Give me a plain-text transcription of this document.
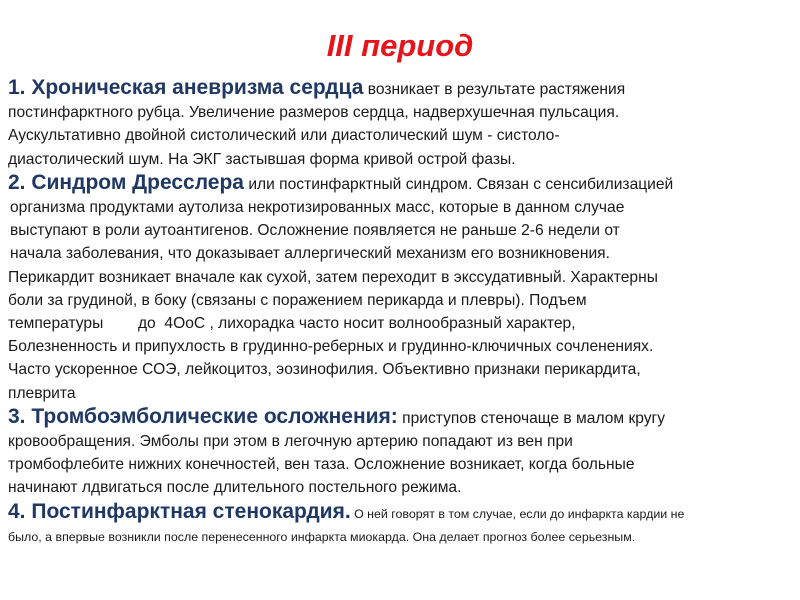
III период
1. Хроническая аневризма сердца возникает в результате растяжения
постинфарктного рубца. Увеличение размеров сердца, надверхушечная пульсация.
Аускультативно двойной систолический или диастолический шум - систоло-
диастолический шум. На ЭКГ застывшая форма кривой острой фазы.
2. Синдром Дресслера или постинфарктный синдром. Связан с сенсибилизацией
организма продуктами аутолиза некротизированных масс, которые в данном случае
выступают в роли аутоантигенов. Осложнение появляется не раньше 2-6 недели от
начала заболевания, что доказывает аллергический механизм его возникновения.
Перикардит возникает вначале как сухой, затем переходит в экссудативный. Характерны
боли за грудиной, в боку (связаны с поражением перикарда и плевры). Подъем
температуры        до  4ОоС , лихорадка часто носит волнообразный характер,
Болезненность и припухлость в грудинно-реберных и грудинно-ключичных сочленениях.
Часто ускоренное СОЭ, лейкоцитоз, эозинофилия. Объективно признаки перикардита,
плеврита
3. Тромбоэмболические осложнения: приступов стеночаще в малом кругу
кровообращения. Эмболы при этом в легочную артерию попадают из вен при
тромбофлебите нижних конечностей, вен таза. Осложнение возникает, когда больные
начинают лдвигаться после длительного постельного режима.
4. Постинфарктная стенокардия. О ней говорят в том случае, если до инфаркта кардии не
было, а впервые возникли после перенесенного инфаркта миокарда. Она делает прогноз более серьезным.
